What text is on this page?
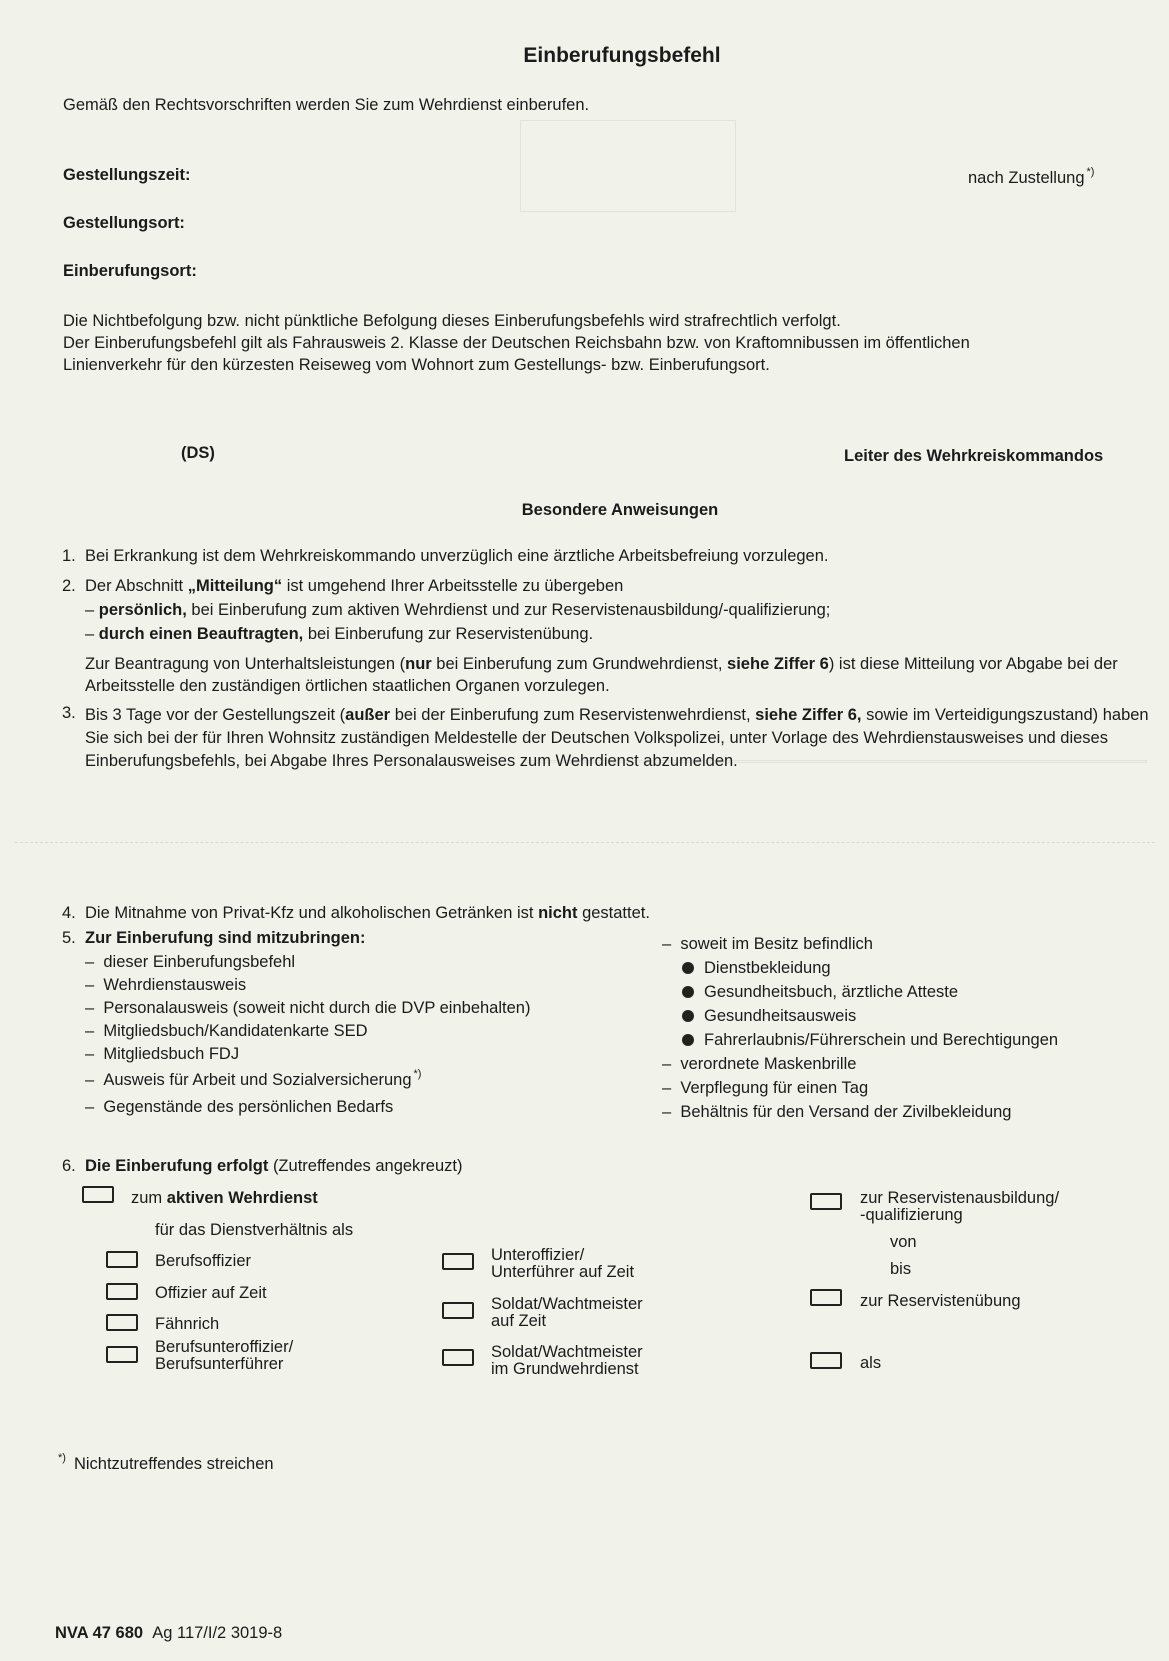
Einberufungsbefehl
Gemäß den Rechtsvorschriften werden Sie zum Wehrdienst einberufen.
Gestellungszeit:	nach Zustellung *)
Gestellungsort:
Einberufungsort:
Die Nichtbefolgung bzw. nicht pünktliche Befolgung dieses Einberufungsbefehls wird strafrechtlich verfolgt.
Der Einberufungsbefehl gilt als Fahrausweis 2. Klasse der Deutschen Reichsbahn bzw. von Kraftomnibussen im öffentlichen
Linienverkehr für den kürzesten Reiseweg vom Wohnort zum Gestellungs- bzw. Einberufungsort.
(DS)	Leiter des Wehrkreiskommandos
Besondere Anweisungen
1. Bei Erkrankung ist dem Wehrkreiskommando unverzüglich eine ärztliche Arbeitsbefreiung vorzulegen.
2. Der Abschnitt „Mitteilung“ ist umgehend Ihrer Arbeitsstelle zu übergeben
– persönlich, bei Einberufung zum aktiven Wehrdienst und zur Reservistenausbildung/-qualifizierung;
– durch einen Beauftragten, bei Einberufung zur Reservistenübung.
Zur Beantragung von Unterhaltsleistungen (nur bei Einberufung zum Grundwehrdienst, siehe Ziffer 6) ist diese Mitteilung vor Abgabe bei der Arbeitsstelle den zuständigen örtlichen staatlichen Organen vorzulegen.
3. Bis 3 Tage vor der Gestellungszeit (außer bei der Einberufung zum Reservistenwehrdienst, siehe Ziffer 6, sowie im Verteidigungszustand) haben Sie sich bei der für Ihren Wohnsitz zuständigen Meldestelle der Deutschen Volkspolizei, unter Vorlage des Wehrdienstausweises und dieses Einberufungsbefehls, bei Abgabe Ihres Personalausweises zum Wehrdienst abzumelden.
4. Die Mitnahme von Privat-Kfz und alkoholischen Getränken ist nicht gestattet.
5. Zur Einberufung sind mitzubringen:
– dieser Einberufungsbefehl
– Wehrdienstausweis
– Personalausweis (soweit nicht durch die DVP einbehalten)
– Mitgliedsbuch/Kandidatenkarte SED
– Mitgliedsbuch FDJ
– Ausweis für Arbeit und Sozialversicherung *)
– Gegenstände des persönlichen Bedarfs
– soweit im Besitz befindlich
Dienstbekleidung
Gesundheitsbuch, ärztliche Atteste
Gesundheitsausweis
Fahrerlaubnis/Führerschein und Berechtigungen
– verordnete Maskenbrille
– Verpflegung für einen Tag
– Behältnis für den Versand der Zivilbekleidung
6. Die Einberufung erfolgt (Zutreffendes angekreuzt)
zum aktiven Wehrdienst
für das Dienstverhältnis als
Berufsoffizier
Offizier auf Zeit
Fähnrich
Berufsunteroffizier/
Berufsunterführer
Unteroffizier/
Unterführer auf Zeit
Soldat/Wachtmeister
auf Zeit
Soldat/Wachtmeister
im Grundwehrdienst
zur Reservistenausbildung/
-qualifizierung
von
bis
zur Reservistenübung
als
*) Nichtzutreffendes streichen
NVA 47 680 Ag 117/I/2 3019-8
